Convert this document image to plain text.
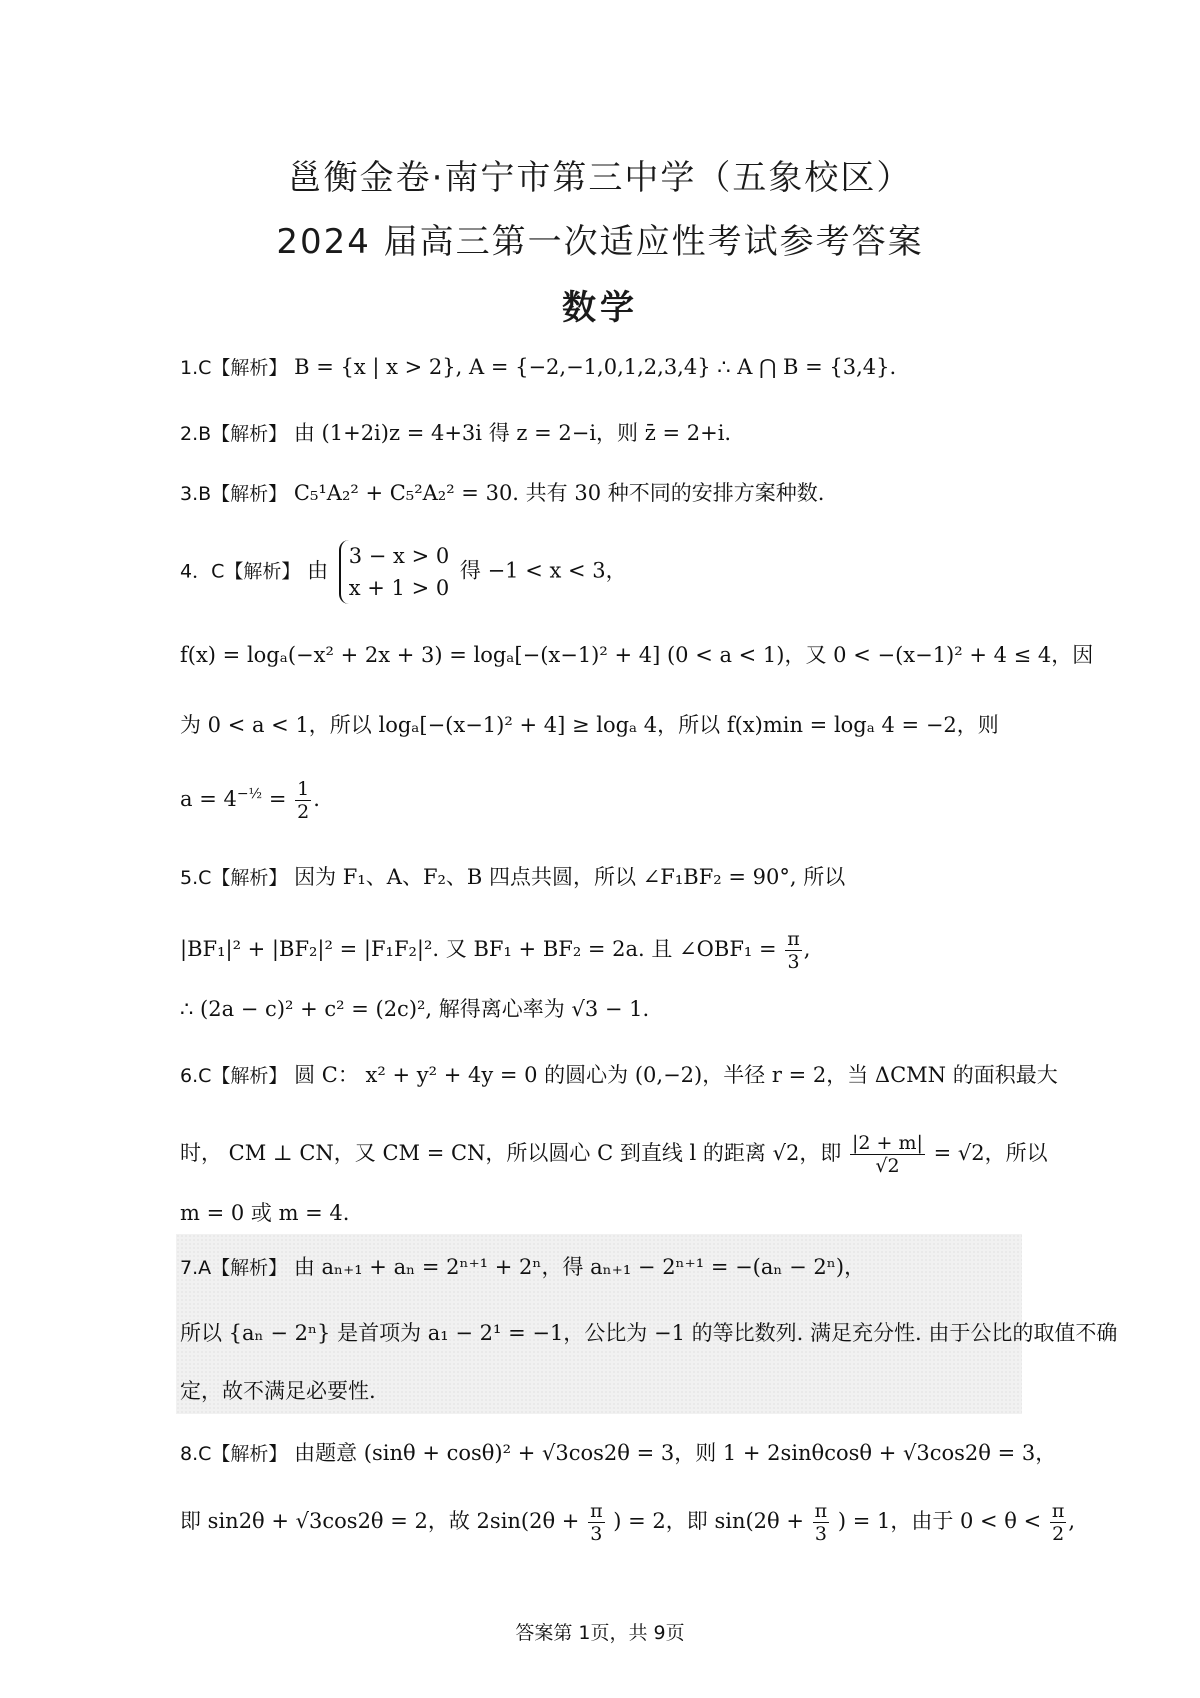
邕衡金卷·南宁市第三中学（五象校区）
2024 届高三第一次适应性考试参考答案
数学
1.C【解析】 B = {x | x > 2}, A = {−2,−1,0,1,2,3,4} ∴ A ⋂ B = {3,4}.
2.B【解析】 由 (1+2i)z = 4+3i 得 z = 2−i，则 z̄ = 2+i.
3.B【解析】 C₅¹A₂² + C₅²A₂² = 30. 共有 30 种不同的安排方案种数.
4．C【解析】 由
3 − x > 0
x + 1 > 0
得 −1 < x < 3，
f(x) = logₐ(−x² + 2x + 3) = logₐ[−(x−1)² + 4] (0 < a < 1)，又 0 < −(x−1)² + 4 ≤ 4，因
为 0 < a < 1，所以 logₐ[−(x−1)² + 4] ≥ logₐ 4，所以 f(x)min = logₐ 4 = −2，则
$a = 4^{-\frac{1}{2}} = \frac{1}{2}$ .
5.C【解析】 因为 F₁、A、F₂、B 四点共圆，所以 ∠F₁BF₂ = 90°, 所以
|BF₁|² + |BF₂|² = |F₁F₂|². 又 BF₁ + BF₂ = 2a. 且 ∠OBF₁ = $\frac{\pi}{3}$ ,
∴ (2a − c)² + c² = (2c)², 解得离心率为 √3 − 1.
6.C【解析】 圆 C： x² + y² + 4y = 0 的圆心为 (0,−2)，半径 r = 2，当 ΔCMN 的面积最大
时， CM ⊥ CN，又 CM = CN，所以圆心 C 到直线 l 的距离 √2，即 $\frac{|2 + m|}{√2} = √2$，所以
m = 0 或 m = 4.
7.A【解析】 由 aₙ₊₁ + aₙ = 2ⁿ⁺¹ + 2ⁿ，得 aₙ₊₁ − 2ⁿ⁺¹ = −(aₙ − 2ⁿ)，
所以 {aₙ − 2ⁿ} 是首项为 a₁ − 2¹ = −1，公比为 −1 的等比数列. 满足充分性. 由于公比的取值不确
定，故不满足必要性.
8.C【解析】 由题意 (sinθ + cosθ)² + √3cos2θ = 3，则 1 + 2sinθcosθ + √3cos2θ = 3，
即 sin2θ + √3cos2θ = 2，故 $2\sin(2\theta + \frac{\pi}{3}$ ) = 2，即 $\sin(2\theta + \frac{\pi}{3}$ ) = 1，由于 $0 < \theta < \frac{\pi}{2}$ ,
答案第 1页，共 9页
